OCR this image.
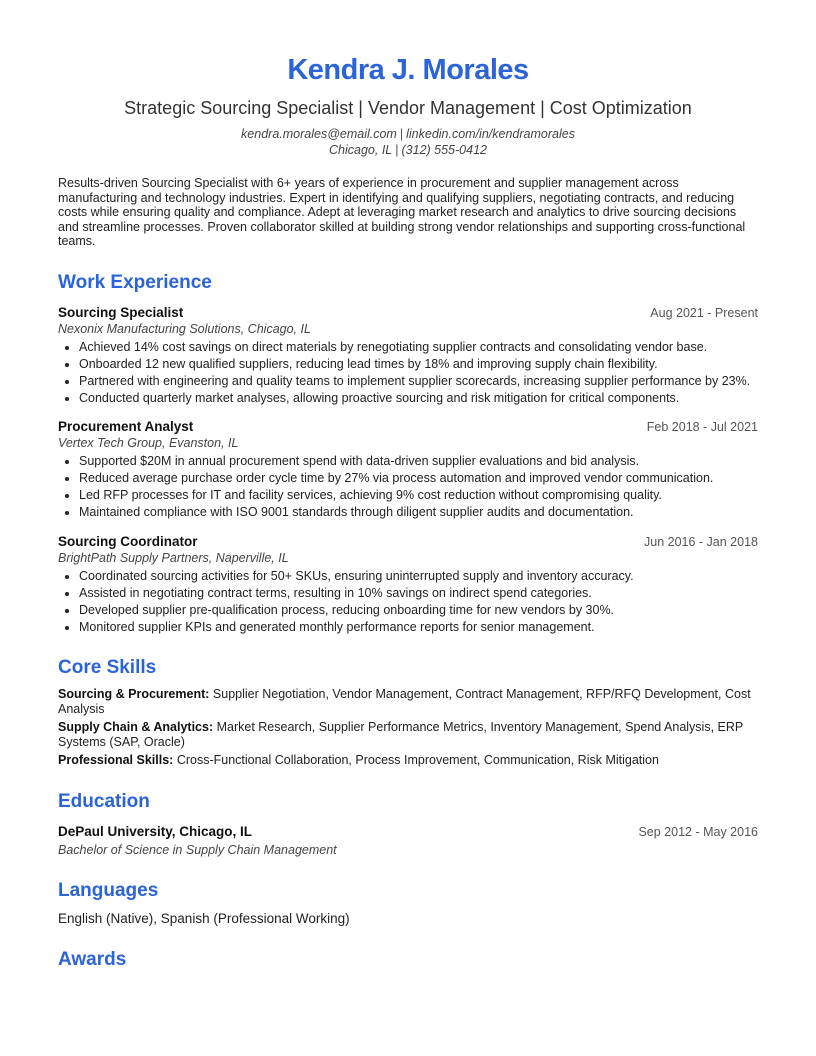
Kendra J. Morales
Strategic Sourcing Specialist | Vendor Management | Cost Optimization
kendra.morales@email.com | linkedin.com/in/kendramorales
Chicago, IL | (312) 555-0412
Results-driven Sourcing Specialist with 6+ years of experience in procurement and supplier management across manufacturing and technology industries. Expert in identifying and qualifying suppliers, negotiating contracts, and reducing costs while ensuring quality and compliance. Adept at leveraging market research and analytics to drive sourcing decisions and streamline processes. Proven collaborator skilled at building strong vendor relationships and supporting cross-functional teams.
Work Experience
Sourcing Specialist	Aug 2021 - Present
Nexonix Manufacturing Solutions, Chicago, IL
• Achieved 14% cost savings on direct materials by renegotiating supplier contracts and consolidating vendor base.
• Onboarded 12 new qualified suppliers, reducing lead times by 18% and improving supply chain flexibility.
• Partnered with engineering and quality teams to implement supplier scorecards, increasing supplier performance by 23%.
• Conducted quarterly market analyses, allowing proactive sourcing and risk mitigation for critical components.
Procurement Analyst	Feb 2018 - Jul 2021
Vertex Tech Group, Evanston, IL
• Supported $20M in annual procurement spend with data-driven supplier evaluations and bid analysis.
• Reduced average purchase order cycle time by 27% via process automation and improved vendor communication.
• Led RFP processes for IT and facility services, achieving 9% cost reduction without compromising quality.
• Maintained compliance with ISO 9001 standards through diligent supplier audits and documentation.
Sourcing Coordinator	Jun 2016 - Jan 2018
BrightPath Supply Partners, Naperville, IL
• Coordinated sourcing activities for 50+ SKUs, ensuring uninterrupted supply and inventory accuracy.
• Assisted in negotiating contract terms, resulting in 10% savings on indirect spend categories.
• Developed supplier pre-qualification process, reducing onboarding time for new vendors by 30%.
• Monitored supplier KPIs and generated monthly performance reports for senior management.
Core Skills
Sourcing & Procurement: Supplier Negotiation, Vendor Management, Contract Management, RFP/RFQ Development, Cost Analysis
Supply Chain & Analytics: Market Research, Supplier Performance Metrics, Inventory Management, Spend Analysis, ERP Systems (SAP, Oracle)
Professional Skills: Cross-Functional Collaboration, Process Improvement, Communication, Risk Mitigation
Education
DePaul University, Chicago, IL	Sep 2012 - May 2016
Bachelor of Science in Supply Chain Management
Languages
English (Native), Spanish (Professional Working)
Awards
